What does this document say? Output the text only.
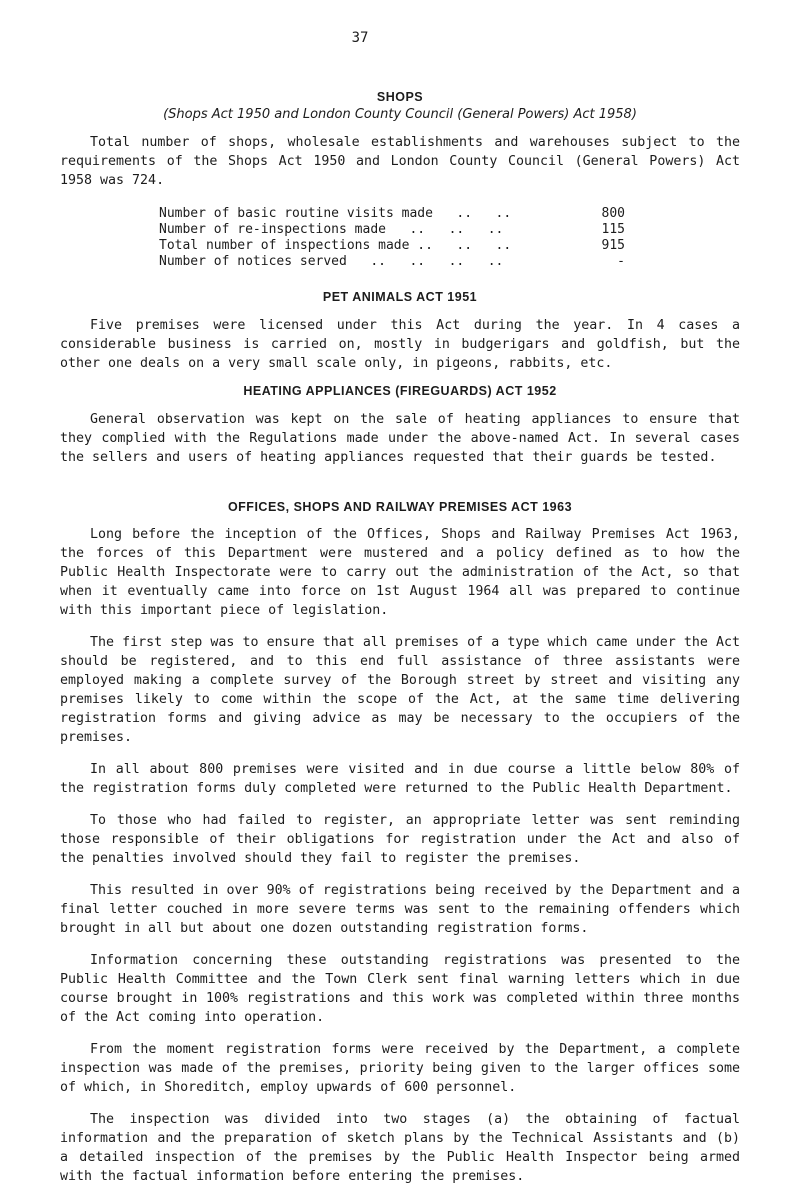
37
SHOPS
(Shops Act 1950 and London County Council (General Powers) Act 1958)

Total number of shops, wholesale establishments and warehouses subject to the requirements of the Shops Act 1950 and London County Council (General Powers) Act 1958 was 724.

Number of basic routine visits made   ..   ..	800
Number of re-inspections made   ..   ..   ..	115
Total number of inspections made ..   ..   ..	915
Number of notices served   ..   ..   ..   ..	-
PET ANIMALS ACT 1951

Five premises were licensed under this Act during the year. In 4 cases a considerable business is carried on, mostly in budgerigars and goldfish, but the other one deals on a very small scale only, in pigeons, rabbits, etc.

HEATING APPLIANCES (FIREGUARDS) ACT 1952

General observation was kept on the sale of heating appliances to ensure that they complied with the Regulations made under the above-named Act. In several cases the sellers and users of heating appliances requested that their guards be tested.

OFFICES, SHOPS AND RAILWAY PREMISES ACT 1963

Long before the inception of the Offices, Shops and Railway Premises Act 1963, the forces of this Department were mustered and a policy defined as to how the Public Health Inspectorate were to carry out the administration of the Act, so that when it eventually came into force on 1st August 1964 all was prepared to continue with this important piece of legislation.

The first step was to ensure that all premises of a type which came under the Act should be registered, and to this end full assistance of three assistants were employed making a complete survey of the Borough street by street and visiting any premises likely to come within the scope of the Act, at the same time delivering registration forms and giving advice as may be necessary to the occupiers of the premises.

In all about 800 premises were visited and in due course a little below 80% of the registration forms duly completed were returned to the Public Health Department.

To those who had failed to register, an appropriate letter was sent reminding those responsible of their obligations for registration under the Act and also of the penalties involved should they fail to register the premises.

This resulted in over 90% of registrations being received by the Department and a final letter couched in more severe terms was sent to the remaining offenders which brought in all but about one dozen outstanding registration forms.

Information concerning these outstanding registrations was presented to the Public Health Committee and the Town Clerk sent final warning letters which in due course brought in 100% registrations and this work was completed within three months of the Act coming into operation.

From the moment registration forms were received by the Department, a complete inspection was made of the premises, priority being given to the larger offices some of which, in Shoreditch, employ upwards of 600 personnel.

The inspection was divided into two stages (a) the obtaining of factual information and the preparation of sketch plans by the Technical Assistants and (b) a detailed inspection of the premises by the Public Health Inspector being armed with the factual information before entering the premises.
